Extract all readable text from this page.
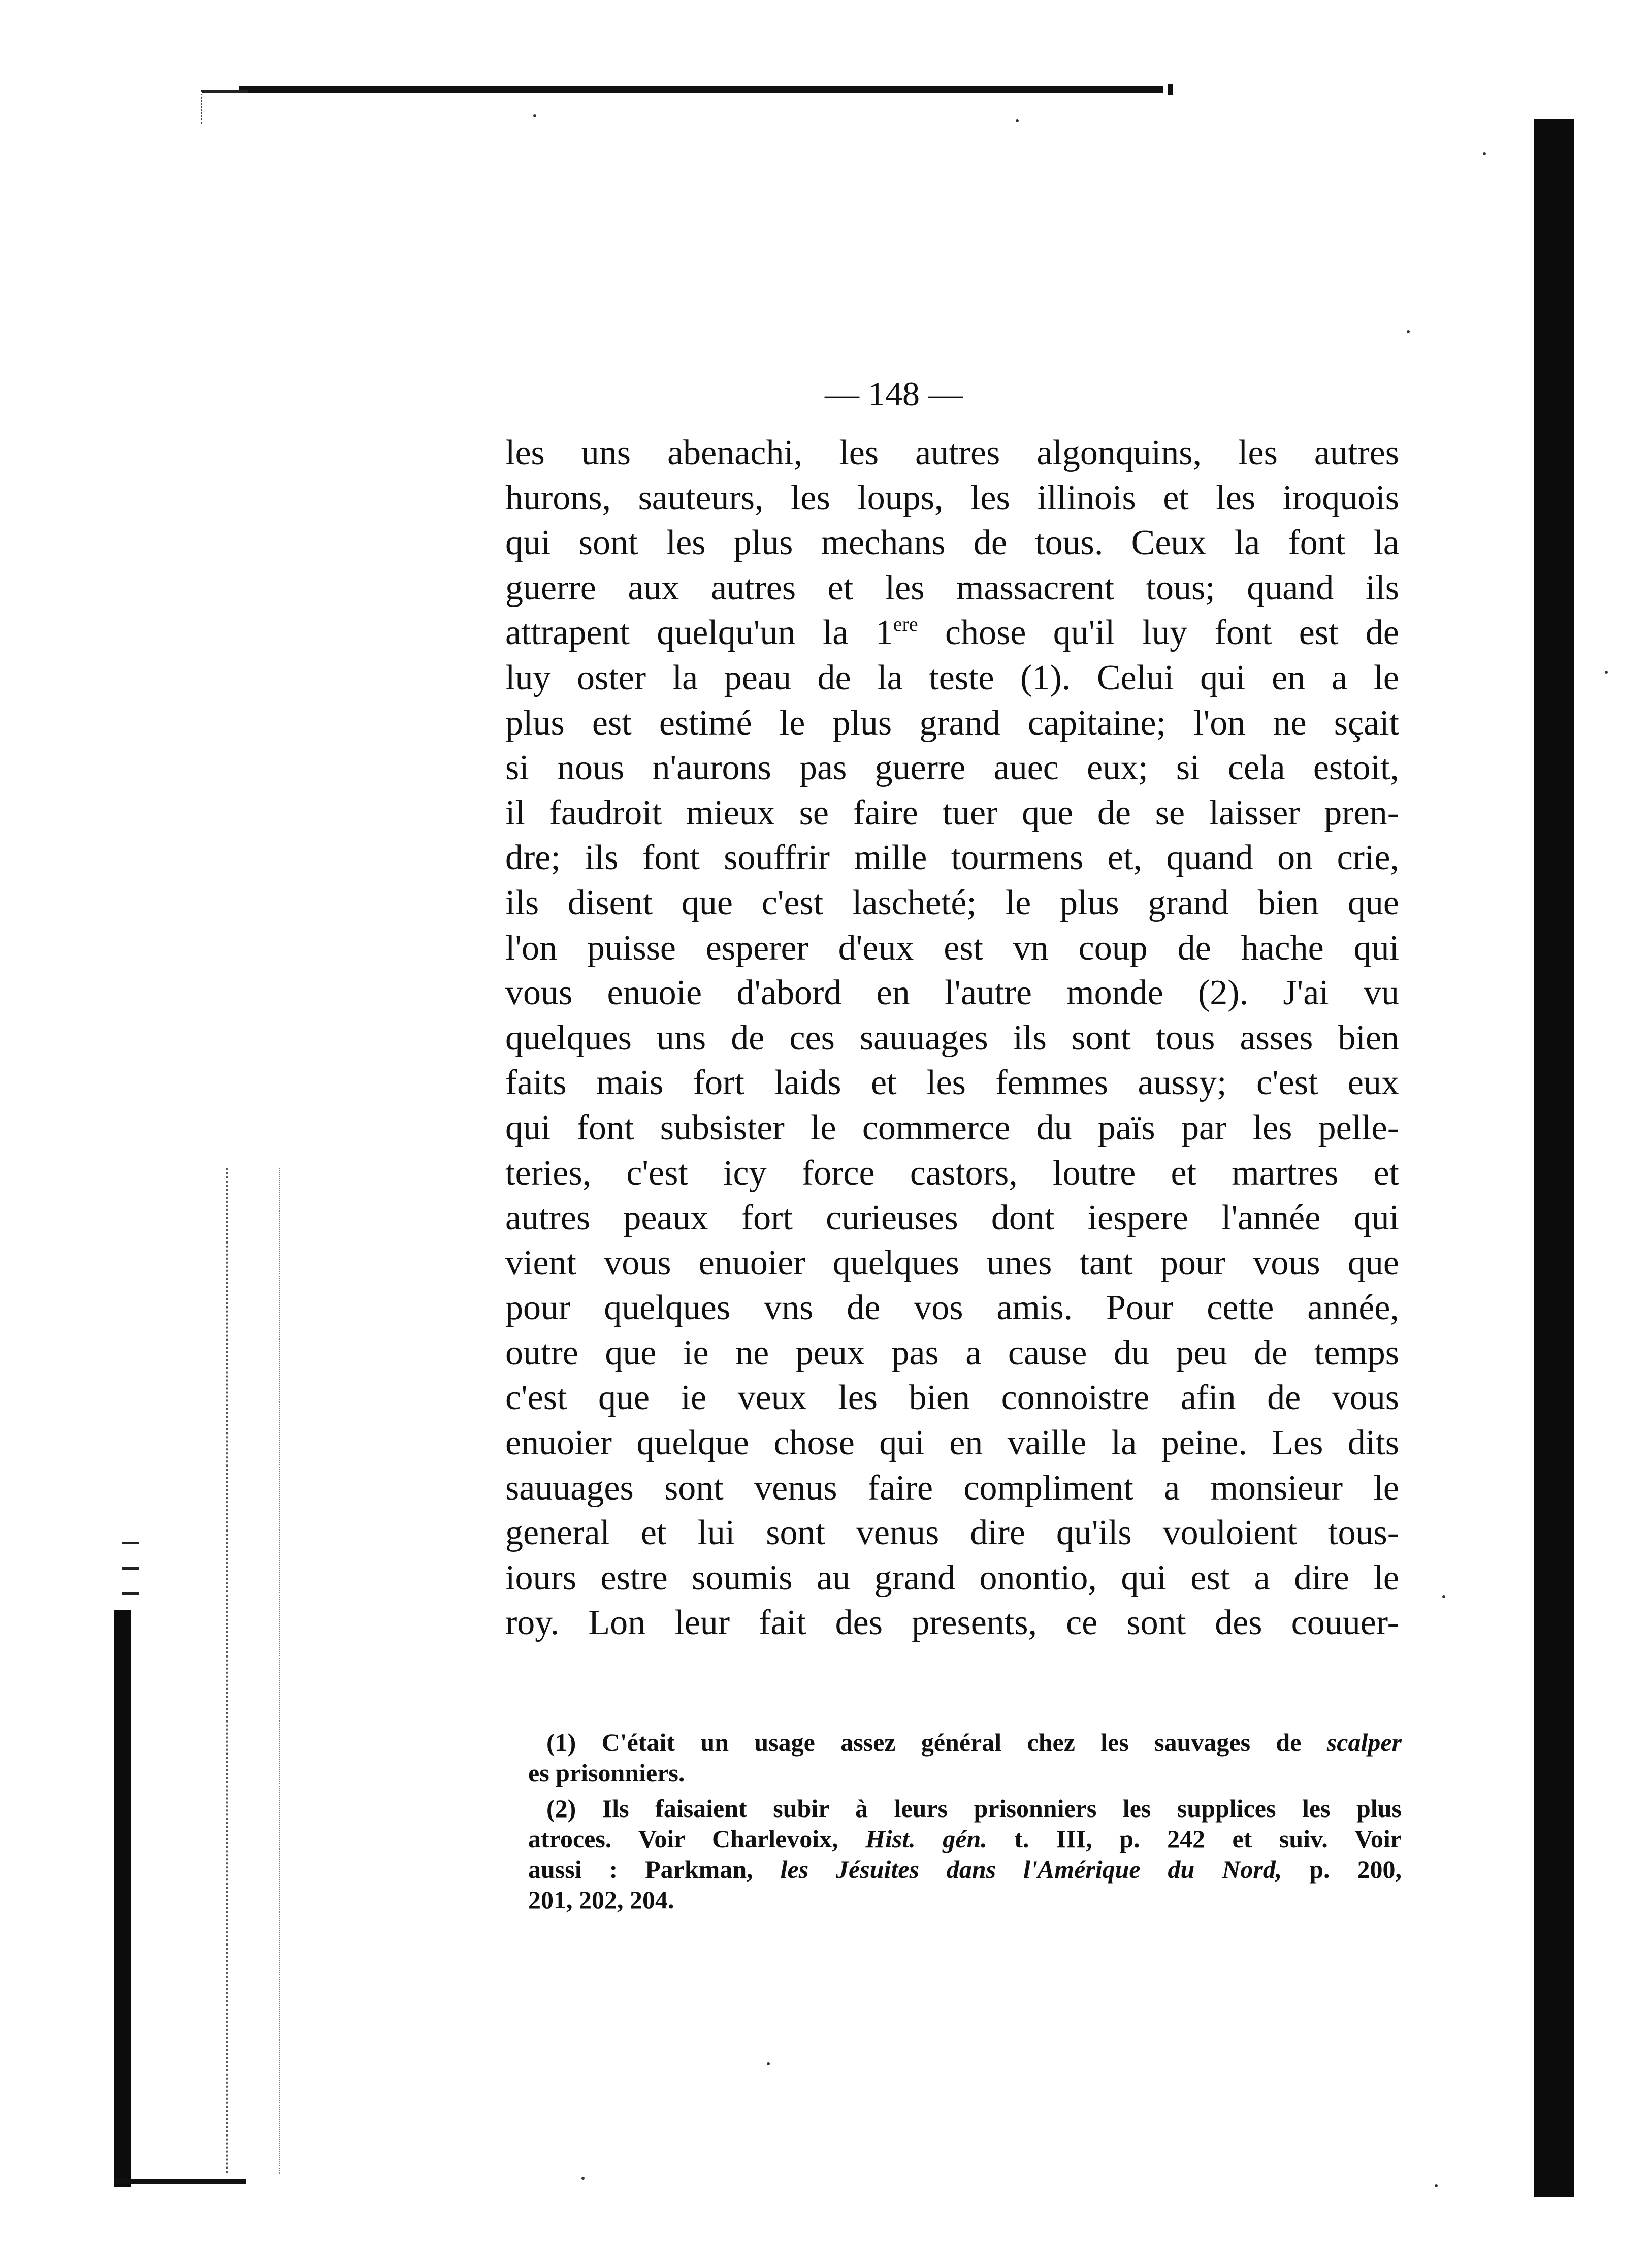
— 148 —
les uns abenachi, les autres algonquins, les autres
hurons, sauteurs, les loups, les illinois et les iroquois
qui sont les plus mechans de tous. Ceux la font la
guerre aux autres et les massacrent tous; quand ils
attrapent quelqu'un la 1ere chose qu'il luy font est de
luy oster la peau de la teste (1). Celui qui en a le
plus est estimé le plus grand capitaine; l'on ne sçait
si nous n'aurons pas guerre auec eux; si cela estoit,
il faudroit mieux se faire tuer que de se laisser pren-
dre; ils font souffrir mille tourmens et, quand on crie,
ils disent que c'est lascheté; le plus grand bien que
l'on puisse esperer d'eux est vn coup de hache qui
vous enuoie d'abord en l'autre monde (2). J'ai vu
quelques uns de ces sauuages ils sont tous asses bien
faits mais fort laids et les femmes aussy; c'est eux
qui font subsister le commerce du païs par les pelle-
teries, c'est icy force castors, loutre et martres et
autres peaux fort curieuses dont iespere l'année qui
vient vous enuoier quelques unes tant pour vous que
pour quelques vns de vos amis. Pour cette année,
outre que ie ne peux pas a cause du peu de temps
c'est que ie veux les bien connoistre afin de vous
enuoier quelque chose qui en vaille la peine. Les dits
sauuages sont venus faire compliment a monsieur le
general et lui sont venus dire qu'ils vouloient tous-
iours estre soumis au grand onontio, qui est a dire le
roy. Lon leur fait des presents, ce sont des couuer-
(1) C'était un usage assez général chez les sauvages de scalper
es prisonniers.
(2) Ils faisaient subir à leurs prisonniers les supplices les plus
atroces. Voir Charlevoix, Hist. gén. t. III, p. 242 et suiv. Voir
aussi : Parkman, les Jésuites dans l'Amérique du Nord, p. 200,
201, 202, 204.
